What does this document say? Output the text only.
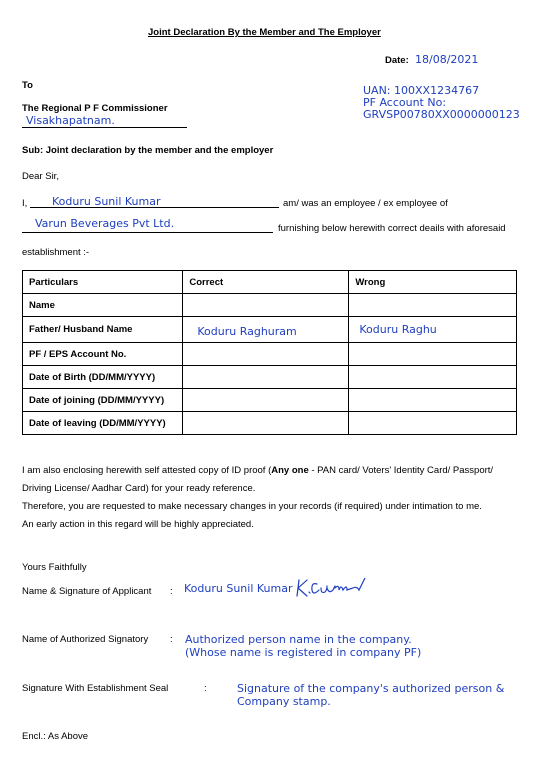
Joint Declaration By the Member and The Employer
Date: 18/08/2021
To	UAN: 100XX1234767
PF Account No:
GRVSP00780XX0000000123
The Regional P F Commissioner
Visakhapatnam.
Sub: Joint declaration by the member and the employer
Dear Sir,
I, Koduru Sunil Kumar	am/ was an employee / ex employee of
Varun Beverages Pvt Ltd.	furnishing below herewith correct deails with aforesaid
establishment :-
Particulars	Correct	Wrong
Name		
Father/ Husband Name	Koduru Raghuram	Koduru Raghu
PF / EPS Account No.		
Date of Birth (DD/MM/YYYY)		
Date of joining (DD/MM/YYYY)		
Date of leaving (DD/MM/YYYY)		
I am also enclosing herewith self attested copy of ID proof (Any one - PAN card/ Voters' Identity Card/ Passport/
Driving License/ Aadhar Card) for your ready reference.
Therefore, you are requested to make necessary changes in your records (if required) under intimation to me.
An early action in this regard will be highly appreciated.
Yours Faithfully
Name & Signature of Applicant : Koduru Sunil Kumar
Name of Authorized Signatory : Authorized person name in the company.
(Whose name is registered in company PF)
Signature With Establishment Seal	:	Signature of the company's authorized person &
Company stamp.
Encl.: As Above
